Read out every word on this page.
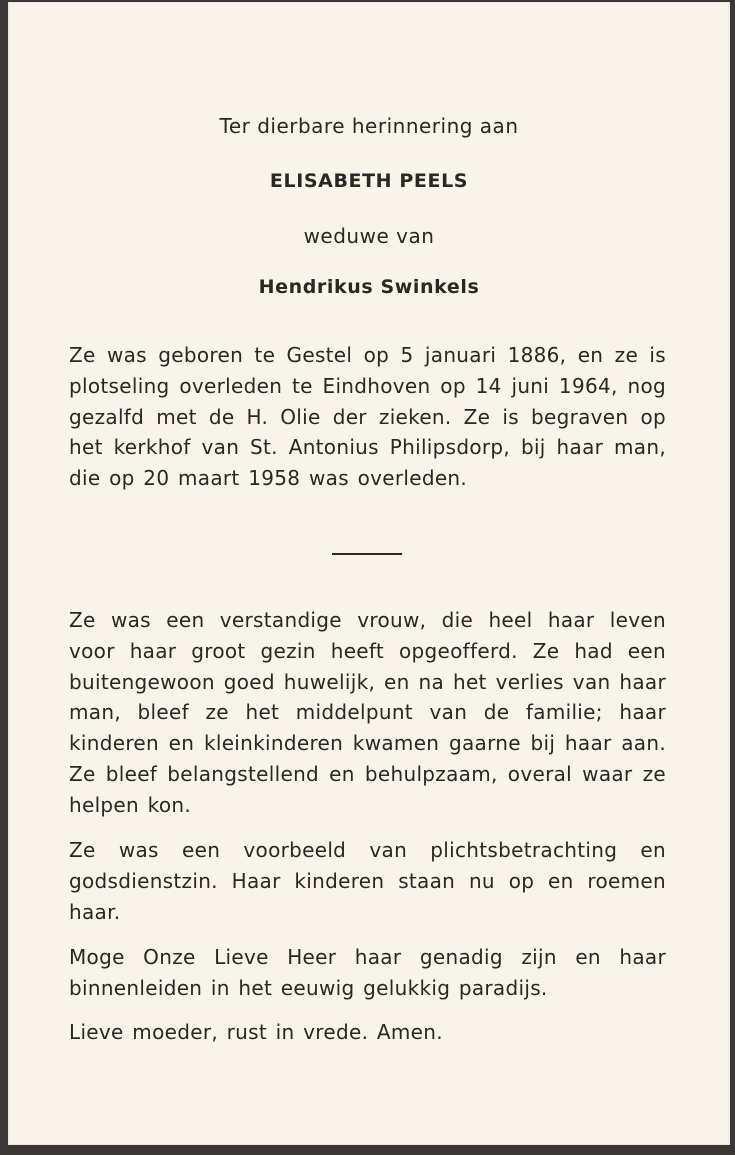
Ter dierbare herinnering aan
ELISABETH PEELS
weduwe van
Hendrikus Swinkels
Ze was geboren te Gestel op 5 januari 1886, en ze is plotseling overleden te Eindhoven op 14 juni 1964, nog gezalfd met de H. Olie der zieken. Ze is begraven op het kerkhof van St. Antonius Philipsdorp, bij haar man, die op 20 maart 1958 was overleden.
Ze was een verstandige vrouw, die heel haar leven voor haar groot gezin heeft opgeofferd. Ze had een buitengewoon goed huwelijk, en na het verlies van haar man, bleef ze het middelpunt van de familie; haar kinderen en kleinkinderen kwamen gaarne bij haar aan. Ze bleef belangstellend en behulpzaam, overal waar ze helpen kon.
Ze was een voorbeeld van plichtsbetrachting en godsdienstzin. Haar kinderen staan nu op en roemen haar.
Moge Onze Lieve Heer haar genadig zijn en haar binnenleiden in het eeuwig gelukkig paradijs.
Lieve moeder, rust in vrede. Amen.
